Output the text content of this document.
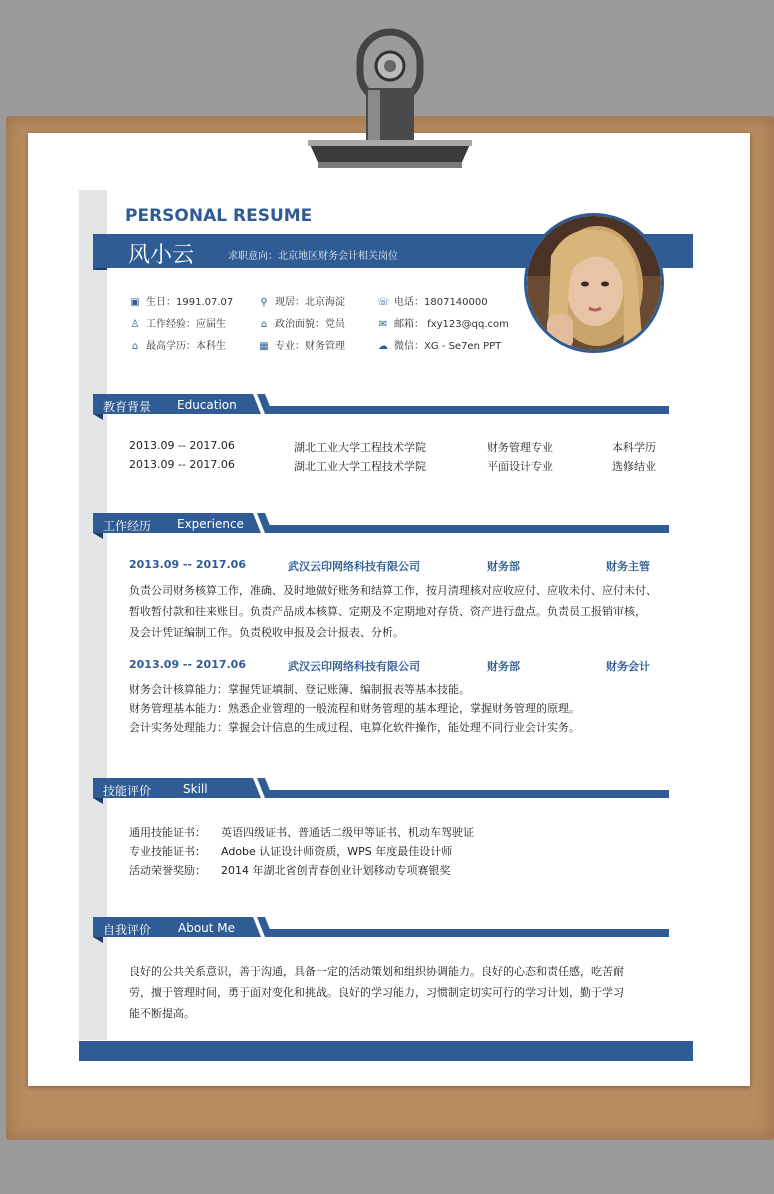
PERSONAL RESUME
风小云	求职意向：北京地区财务会计相关岗位
▣ 生日：1991.07.07	⚲ 现居：北京海淀	☏ 电话：1807140000
♙ 工作经验：应届生	⌂ 政治面貌：党员	✉ 邮箱： fxy123@qq.com
⌂ 最高学历：本科生	▦ 专业：财务管理	☁ 微信：XG - Se7en PPT
教育背景 Education
2013.09 -- 2017.06	湖北工业大学工程技术学院	财务管理专业	本科学历
2013.09 -- 2017.06	湖北工业大学工程技术学院	平面设计专业	选修结业
工作经历 Experience
2013.09 -- 2017.06	武汉云印网络科技有限公司	财务部	财务主管

负责公司财务核算工作，准确、及时地做好账务和结算工作，按月清理核对应收应付、应收未付、应付未付、

暂收暂付款和往来账目。负责产品成本核算、定期及不定期地对存货、资产进行盘点。负责员工报销审核，

及会计凭证编制工作。负责税收申报及会计报表、分析。

2013.09 -- 2017.06	武汉云印网络科技有限公司	财务部	财务会计

财务会计核算能力：掌握凭证填制、登记账簿、编制报表等基本技能。

财务管理基本能力：熟悉企业管理的一般流程和财务管理的基本理论，掌握财务管理的原理。

会计实务处理能力：掌握会计信息的生成过程、电算化软件操作，能处理不同行业会计实务。

技能评价	Skill
通用技能证书： 英语四级证书、普通话二级甲等证书、机动车驾驶证
专业技能证书： Adobe 认证设计师资质，WPS 年度最佳设计师
活动荣誉奖励： 2014 年湖北省创青春创业计划移动专项赛银奖
自我评价 About Me

良好的公共关系意识，善于沟通，具备一定的活动策划和组织协调能力。良好的心态和责任感，吃苦耐

劳，擅于管理时间，勇于面对变化和挑战。良好的学习能力，习惯制定切实可行的学习计划，勤于学习

能不断提高。
